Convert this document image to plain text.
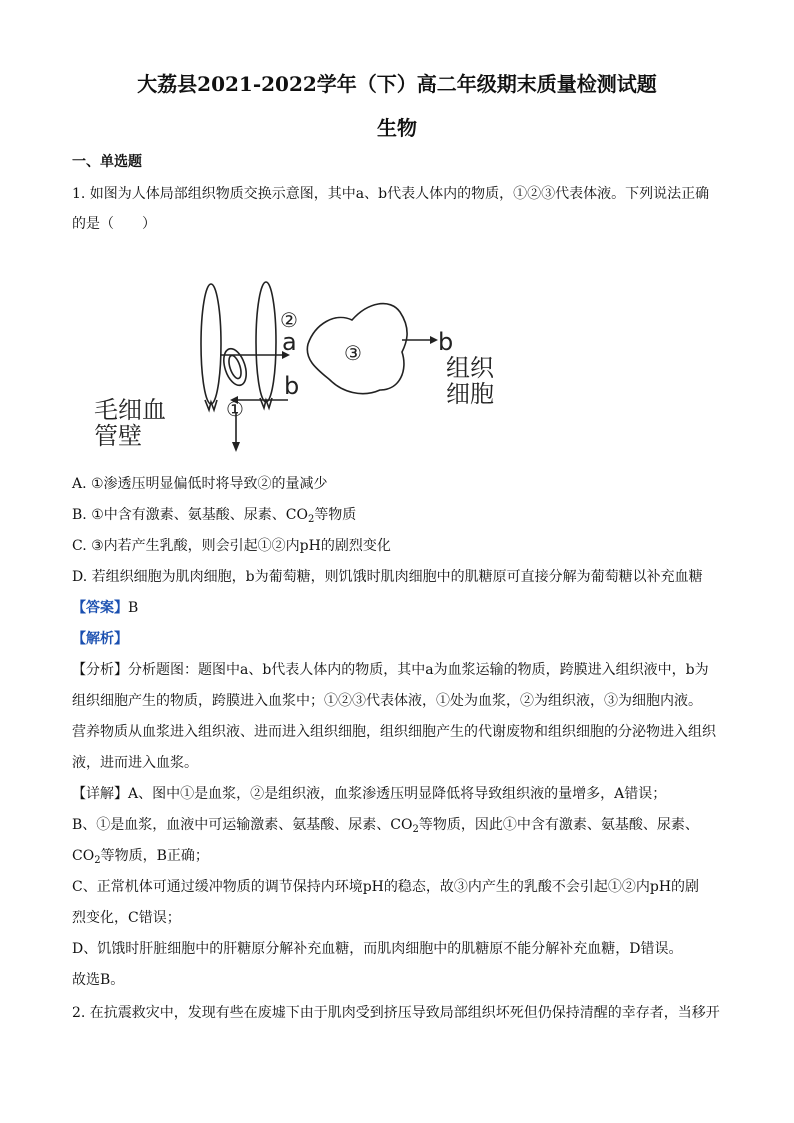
大荔县2021-2022学年（下）高二年级期末质量检测试题
生物
一、单选题
1. 如图为人体局部组织物质交换示意图，其中a、b代表人体内的物质，①②③代表体液。下列说法正确
的是（　　）
②
a
b
①
③	b
组织
细胞
毛细血
管壁
A. ①渗透压明显偏低时将导致②的量减少
B. ①中含有激素、氨基酸、尿素、$CO_2$等物质
C. ③内若产生乳酸，则会引起①②内pH的剧烈变化
D. 若组织细胞为肌肉细胞，b为葡萄糖，则饥饿时肌肉细胞中的肌糖原可直接分解为葡萄糖以补充血糖
【答案】B
【解析】
【分析】分析题图：题图中a、b代表人体内的物质，其中a为血浆运输的物质，跨膜进入组织液中，b为
组织细胞产生的物质，跨膜进入血浆中；①②③代表体液，①处为血浆，②为组织液，③为细胞内液。
营养物质从血浆进入组织液、进而进入组织细胞，组织细胞产生的代谢废物和组织细胞的分泌物进入组织
液，进而进入血浆。
【详解】A、图中①是血浆，②是组织液，血浆渗透压明显降低将导致组织液的量增多，A错误；
B、①是血浆，血液中可运输激素、氨基酸、尿素、$CO_2$等物质，因此①中含有激素、氨基酸、尿素、
$CO_2$等物质，B正确；
C、正常机体可通过缓冲物质的调节保持内环境pH的稳态，故③内产生的乳酸不会引起①②内pH的剧
烈变化，C错误；
D、饥饿时肝脏细胞中的肝糖原分解补充血糖，而肌肉细胞中的肌糖原不能分解补充血糖，D错误。
故选B。
2. 在抗震救灾中，发现有些在废墟下由于肌肉受到挤压导致局部组织坏死但仍保持清醒的幸存者，当移开
